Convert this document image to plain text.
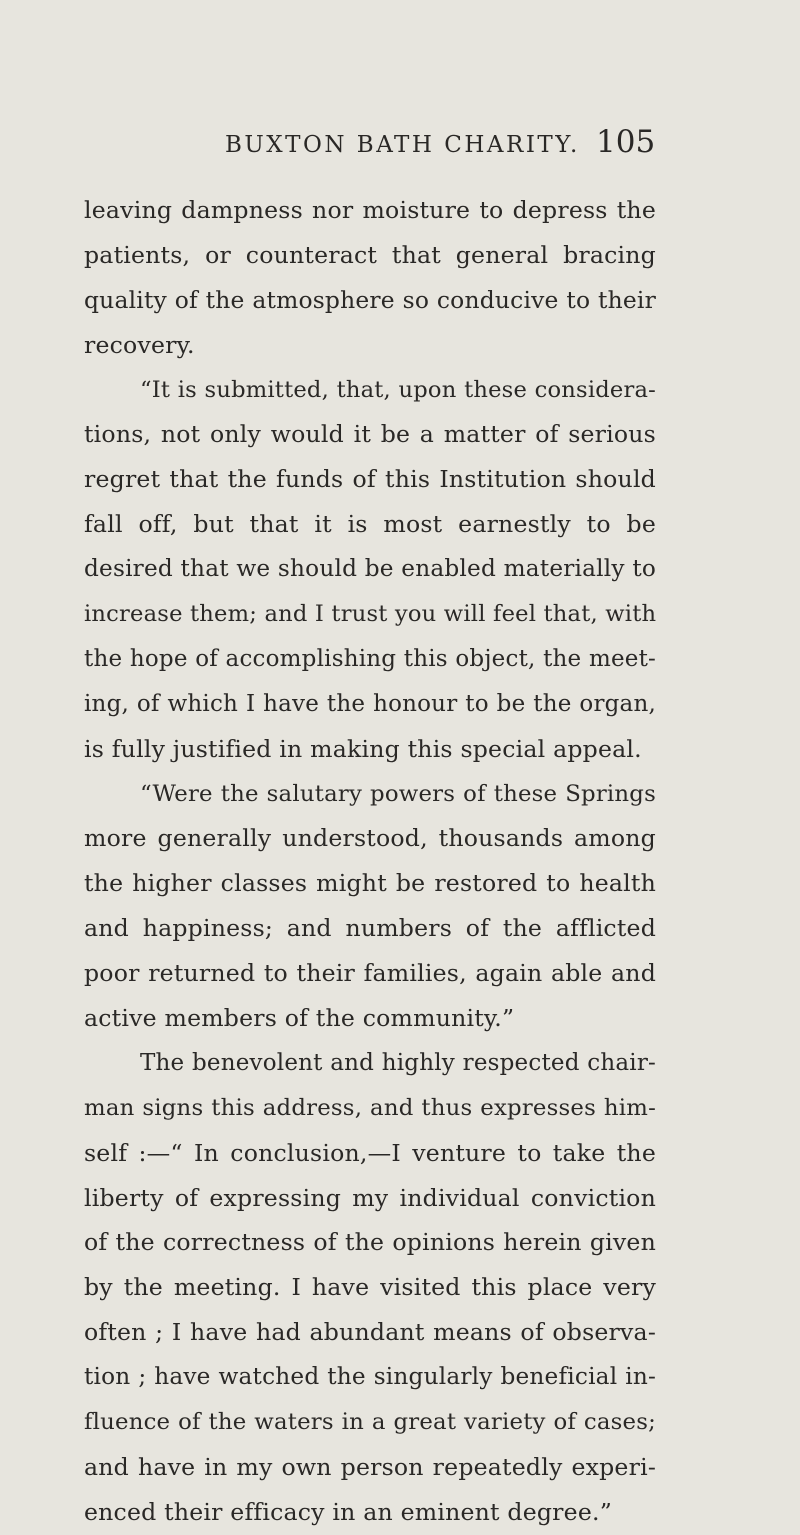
BUXTON BATH CHARITY. 105
leaving dampness nor moisture to depress the
patients, or counteract that general bracing
quality of the atmosphere so conducive to their
recovery.
“It is submitted, that, upon these considera-
tions, not only would it be a matter of serious
regret that the funds of this Institution should
fall off, but that it is most earnestly to be
desired that we should be enabled materially to
increase them; and I trust you will feel that, with
the hope of accomplishing this object, the meet-
ing, of which I have the honour to be the organ,
is fully justified in making this special appeal.
“Were the salutary powers of these Springs
more generally understood, thousands among
the higher classes might be restored to health
and happiness; and numbers of the afflicted
poor returned to their families, again able and
active members of the community.”
The benevolent and highly respected chair-
man signs this address, and thus expresses him-
self :—“ In conclusion,—I venture to take the
liberty of expressing my individual conviction
of the correctness of the opinions herein given
by the meeting. I have visited this place very
often ; I have had abundant means of observa-
tion ; have watched the singularly beneficial in-
fluence of the waters in a great variety of cases;
and have in my own person repeatedly experi-
enced their efficacy in an eminent degree.”
